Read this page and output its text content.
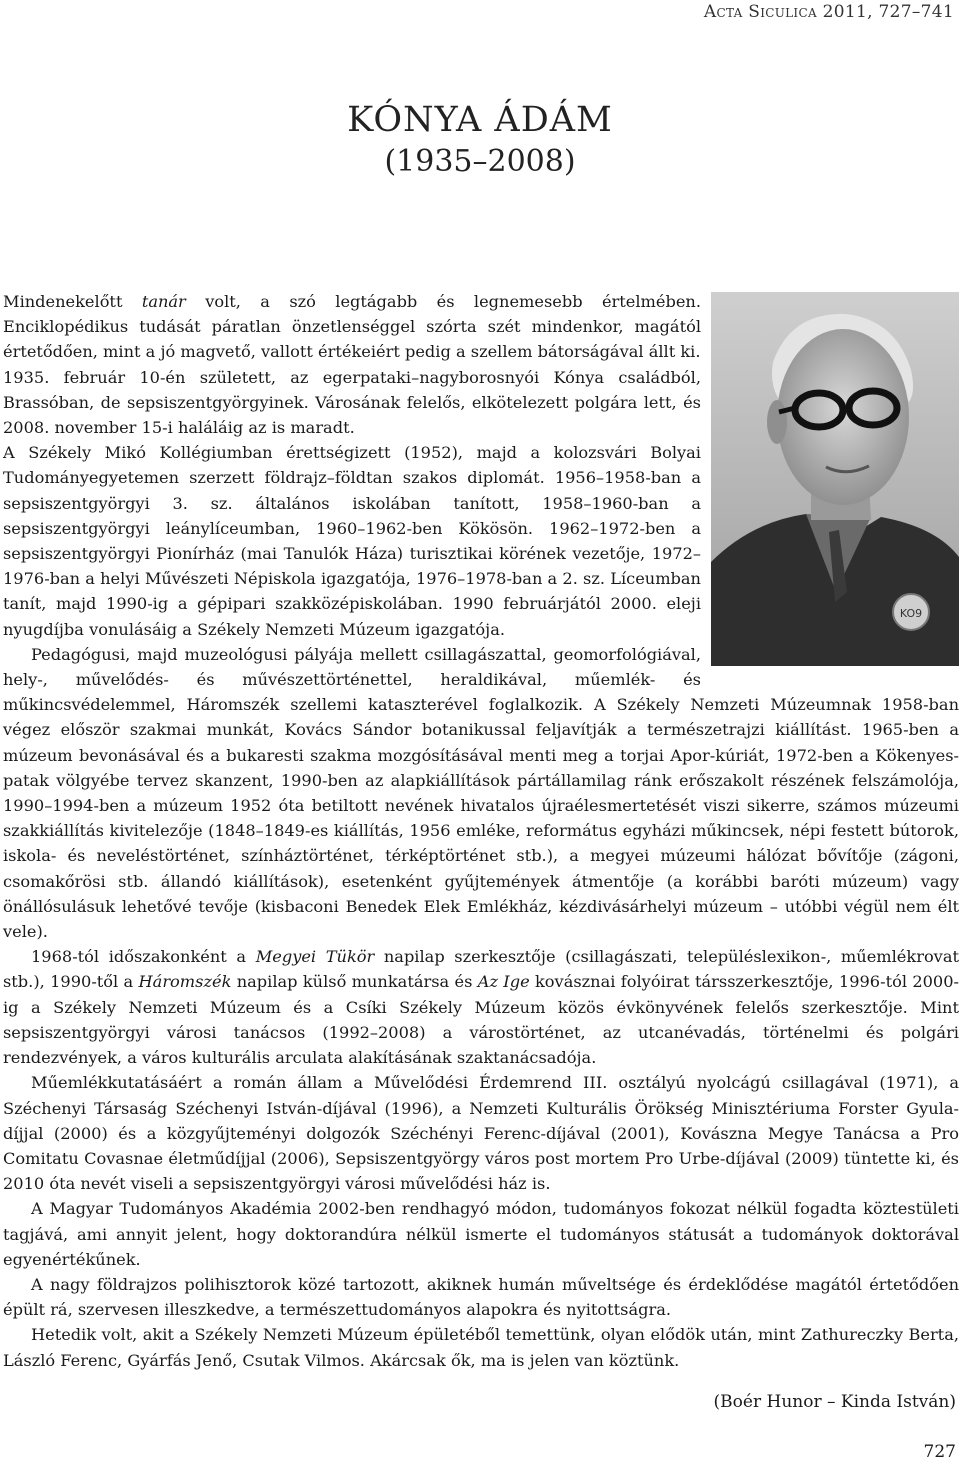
Acta Siculica 2011, 727–741
KÓNYA ÁDÁM
(1935–2008)
KO9

Mindenekelőtt tanár volt, a szó legtágabb és legnemesebb értelmében. Enciklopédikus tudását páratlan önzetlenséggel szórta szét mindenkor, magától értetődően, mint a jó magvető, vallott értékeiért pedig a szellem bátorságával állt ki.

1935. február 10-én született, az egerpataki–nagyborosnyói Kónya családból, Brassóban, de sepsiszentgyörgyinek. Városának felelős, elkötelezett polgára lett, és 2008. november 15-i haláláig az is maradt.

A Székely Mikó Kollégiumban érettségizett (1952), majd a kolozsvári Bolyai Tudományegyetemen szerzett földrajz–földtan szakos diplomát. 1956–1958-ban a sepsiszentgyörgyi 3. sz. általános iskolában tanított, 1958–1960-ban a sepsiszentgyörgyi leánylíceumban, 1960–1962-ben Kökösön. 1962–1972-ben a sepsiszentgyörgyi Pionírház (mai Tanulók Háza) turisztikai körének vezetője, 1972–1976-ban a helyi Művészeti Népiskola igazgatója, 1976–1978-ban a 2. sz. Líceumban tanít, majd 1990-ig a gépipari szakközépiskolában. 1990 februárjától 2000. eleji nyugdíjba vonulásáig a Székely Nemzeti Múzeum igazgatója.

Pedagógusi, majd muzeológusi pályája mellett csillagászattal, geomorfológiával, hely-, művelődés- és művészettörténettel, heraldikával, műemlék- és műkincsvédelemmel, Háromszék szellemi kataszterével foglalkozik. A Székely Nemzeti Múzeumnak 1958-ban végez először szakmai munkát, Kovács Sándor botanikussal feljavítják a természetrajzi kiállítást. 1965-ben a múzeum bevonásával és a bukaresti szakma mozgósításával menti meg a torjai Apor-kúriát, 1972-ben a Kökenyes-patak völgyébe tervez skanzent, 1990-ben az alapkiállítások pártállamilag ránk erőszakolt részének felszámolója, 1990–1994-ben a múzeum 1952 óta betiltott nevének hivatalos újraélesmertetését viszi sikerre, számos múzeumi szakkiállítás kivitelezője (1848–1849-es kiállítás, 1956 emléke, református egyházi műkincsek, népi festett bútorok, iskola- és neveléstörténet, színháztörténet, térképtörténet stb.), a megyei múzeumi hálózat bővítője (zágoni, csomakőrösi stb. állandó kiállítások), esetenként gyűjtemények átmentője (a korábbi baróti múzeum) vagy önállósulásuk lehetővé tevője (kisbaconi Benedek Elek Emlékház, kézdivásárhelyi múzeum – utóbbi végül nem élt vele).

1968-tól időszakonként a Megyei Tükör napilap szerkesztője (csillagászati, településlexikon-, műemlékrovat stb.), 1990-től a Háromszék napilap külső munkatársa és Az Ige kovásznai folyóirat társszerkesztője, 1996-tól 2000-ig a Székely Nemzeti Múzeum és a Csíki Székely Múzeum közös évkönyvének felelős szerkesztője. Mint sepsiszentgyörgyi városi tanácsos (1992–2008) a várostörténet, az utcanévadás, történelmi és polgári rendezvények, a város kulturális arculata alakításának szaktanácsadója.

Műemlékkutatásáért a román állam a Művelődési Érdemrend III. osztályú nyolcágú csillagával (1971), a Széchenyi Társaság Széchenyi István-díjával (1996), a Nemzeti Kulturális Örökség Minisztériuma Forster Gyula-díjjal (2000) és a közgyűjteményi dolgozók Széchényi Ferenc-díjával (2001), Kovászna Megye Tanácsa a Pro Comitatu Covasnae életműdíjjal (2006), Sepsiszentgyörgy város post mortem Pro Urbe-díjával (2009) tüntette ki, és 2010 óta nevét viseli a sepsiszentgyörgyi városi művelődési ház is.

A Magyar Tudományos Akadémia 2002-ben rendhagyó módon, tudományos fokozat nélkül fogadta köztestületi tagjává, ami annyit jelent, hogy doktorandúra nélkül ismerte el tudományos státusát a tudományok doktorával egyenértékűnek.

A nagy földrajzos polihisztorok közé tartozott, akiknek humán műveltsége és érdeklődése magától értetődően épült rá, szervesen illeszkedve, a természettudományos alapokra és nyitottságra.

Hetedik volt, akit a Székely Nemzeti Múzeum épületéből temettünk, olyan elődök után, mint Zathureczky Berta, László Ferenc, Gyárfás Jenő, Csutak Vilmos. Akárcsak ők, ma is jelen van köztünk.

(Boér Hunor – Kinda István)
727
